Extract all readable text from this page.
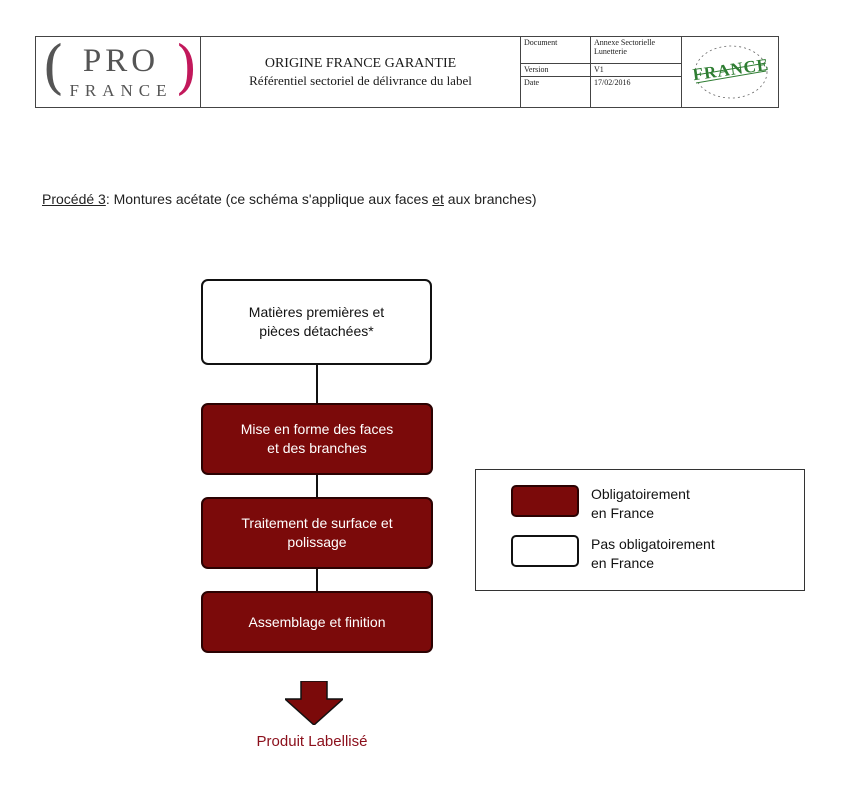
( PRO
FRANCE )	ORIGINE FRANCE GARANTIE
Référentiel sectoriel de délivrance du label
Document	Annexe Sectorielle Lunetterie
Version	V1
Date	17/02/2016	FRANCE
Procédé 3: Montures acétate (ce schéma s'applique aux faces et aux branches)
Matières premières et
pièces détachées*
Mise en forme des faces
et des branches
Traitement de surface et
polissage
Assemblage et finition
Produit Labellisé
Obligatoirement
en France
Pas obligatoirement
en France
